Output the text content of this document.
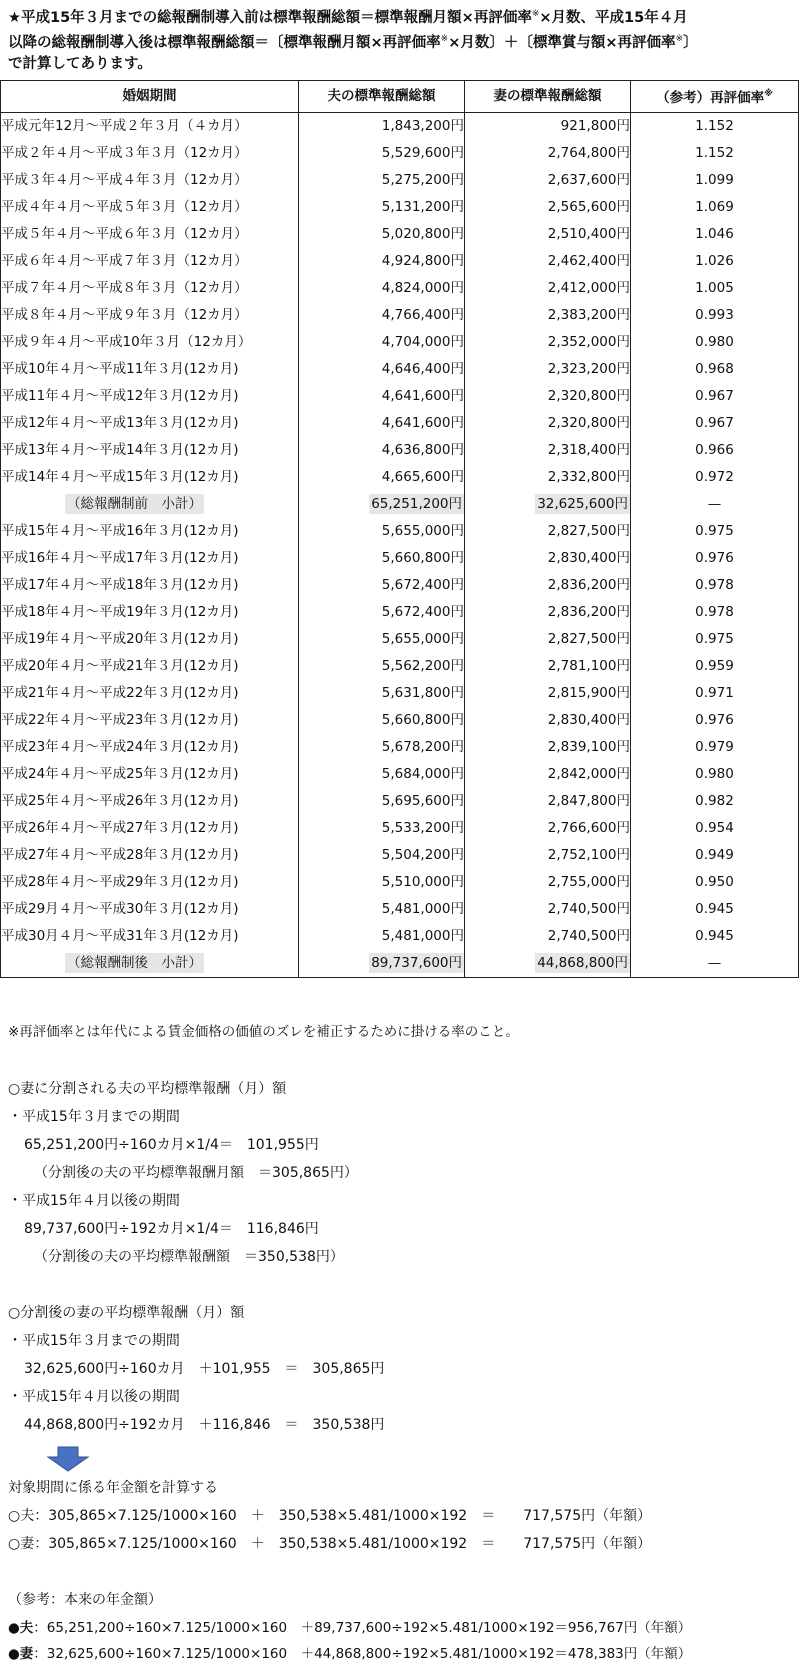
★平成15年３月までの総報酬制導入前は標準報酬総額＝標準報酬月額×再評価率※×月数、平成15年４月
以降の総報酬制導入後は標準報酬総額＝〔標準報酬月額×再評価率※×月数〕＋〔標準賞与額×再評価率※〕
で計算してあります。
婚姻期間	夫の標準報酬総額	妻の標準報酬総額	（参考）再評価率※
平成元年12月～平成２年３月（４カ月）	1,843,200円	921,800円	1.152
平成２年４月～平成３年３月（12カ月）	5,529,600円	2,764,800円	1.152
平成３年４月～平成４年３月（12カ月）	5,275,200円	2,637,600円	1.099
平成４年４月～平成５年３月（12カ月）	5,131,200円	2,565,600円	1.069
平成５年４月～平成６年３月（12カ月）	5,020,800円	2,510,400円	1.046
平成６年４月～平成７年３月（12カ月）	4,924,800円	2,462,400円	1.026
平成７年４月～平成８年３月（12カ月）	4,824,000円	2,412,000円	1.005
平成８年４月～平成９年３月（12カ月）	4,766,400円	2,383,200円	0.993
平成９年４月～平成10年３月（12カ月）	4,704,000円	2,352,000円	0.980
平成10年４月～平成11年３月(12カ月)	4,646,400円	2,323,200円	0.968
平成11年４月～平成12年３月(12カ月)	4,641,600円	2,320,800円	0.967
平成12年４月～平成13年３月(12カ月)	4,641,600円	2,320,800円	0.967
平成13年４月～平成14年３月(12カ月)	4,636,800円	2,318,400円	0.966
平成14年４月～平成15年３月(12カ月)	4,665,600円	2,332,800円	0.972
（総報酬制前　小計）	65,251,200円	32,625,600円	—
平成15年４月～平成16年３月(12カ月)	5,655,000円	2,827,500円	0.975
平成16年４月～平成17年３月(12カ月)	5,660,800円	2,830,400円	0.976
平成17年４月～平成18年３月(12カ月)	5,672,400円	2,836,200円	0.978
平成18年４月～平成19年３月(12カ月)	5,672,400円	2,836,200円	0.978
平成19年４月～平成20年３月(12カ月)	5,655,000円	2,827,500円	0.975
平成20年４月～平成21年３月(12カ月)	5,562,200円	2,781,100円	0.959
平成21年４月～平成22年３月(12カ月)	5,631,800円	2,815,900円	0.971
平成22年４月～平成23年３月(12カ月)	5,660,800円	2,830,400円	0.976
平成23年４月～平成24年３月(12カ月)	5,678,200円	2,839,100円	0.979
平成24年４月～平成25年３月(12カ月)	5,684,000円	2,842,000円	0.980
平成25年４月～平成26年３月(12カ月)	5,695,600円	2,847,800円	0.982
平成26年４月～平成27年３月(12カ月)	5,533,200円	2,766,600円	0.954
平成27年４月～平成28年３月(12カ月)	5,504,200円	2,752,100円	0.949
平成28年４月～平成29年３月(12カ月)	5,510,000円	2,755,000円	0.950
平成29月４月～平成30年３月(12カ月)	5,481,000円	2,740,500円	0.945
平成30月４月～平成31年３月(12カ月)	5,481,000円	2,740,500円	0.945
（総報酬制後　小計）	89,737,600円	44,868,800円	—
※再評価率とは年代による賃金価格の価値のズレを補正するために掛ける率のこと。
○妻に分割される夫の平均標準報酬（月）額
・平成15年３月までの期間
65,251,200円÷160カ月×1/4＝　101,955円
（分割後の夫の平均標準報酬月額　＝305,865円）
・平成15年４月以後の期間
89,737,600円÷192カ月×1/4＝　116,846円
（分割後の夫の平均標準報酬額　＝350,538円）
○分割後の妻の平均標準報酬（月）額
・平成15年３月までの期間
32,625,600円÷160カ月　＋101,955　＝　305,865円
・平成15年４月以後の期間
44,868,800円÷192カ月　＋116,846　＝　350,538円
対象期間に係る年金額を計算する
○夫：305,865×7.125/1000×160　＋　350,538×5.481/1000×192　＝　　717,575円（年額）
○妻：305,865×7.125/1000×160　＋　350,538×5.481/1000×192　＝　　717,575円（年額）
（参考：本来の年金額）
●夫：65,251,200÷160×7.125/1000×160　＋89,737,600÷192×5.481/1000×192＝956,767円（年額）
●妻：32,625,600÷160×7.125/1000×160　＋44,868,800÷192×5.481/1000×192＝478,383円（年額）
